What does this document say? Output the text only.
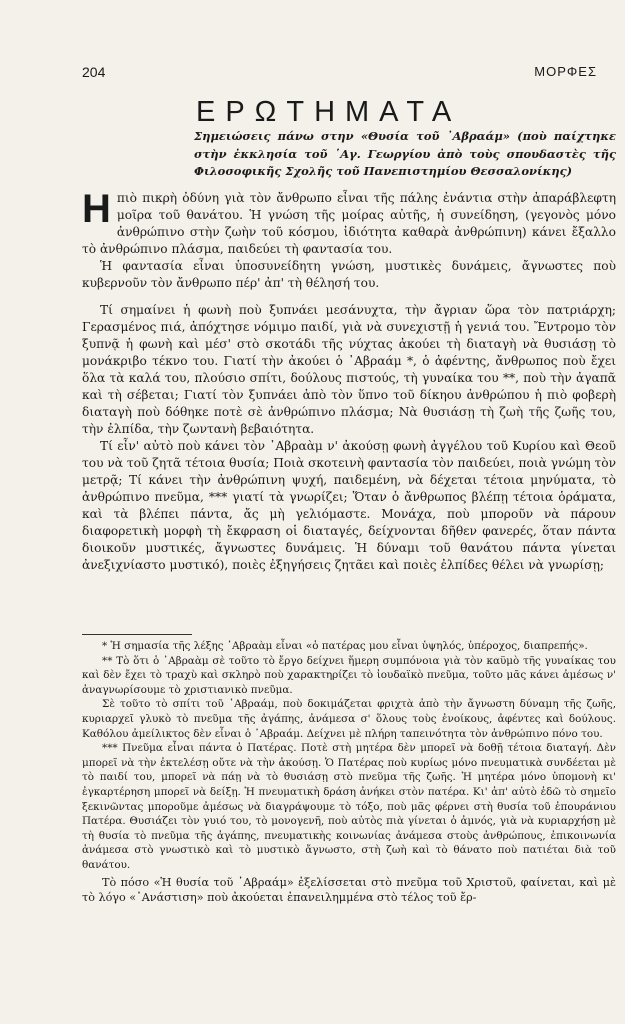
204	ΜΟΡΦΕΣ
ΕΡΩΤΗΜΑΤΑ
Σημειώσεις πάνω στην «Θυσία τοῦ ᾿Αβραάμ» (ποὺ παίχτηκε στὴν ἐκκλησία τοῦ ῾Αγ. Γεωργίου ἀπὸ τοὺς σπουδαστὲς τῆς Φιλοσοφικῆς Σχολῆς τοῦ Πανεπιστημίου Θεσσαλονίκης)

Ηπιὸ πικρὴ ὀδύνη γιὰ τὸν ἄνθρωπο εἶναι τῆς πάλης ἐνάντια στὴν ἀπαράβλεφτη μοῖρα τοῦ θανάτου. Ἡ γνώση τῆς μοίρας αὐτῆς, ἡ συνείδηση, (γεγονὸς μόνο ἀνθρώπινο στὴν ζωὴν τοῦ κόσμου, ἰδιότητα καθαρὰ ἀνθρώπινη) κάνει ἔξαλλο τὸ ἀνθρώπινο πλάσμα, παιδεύει τὴ φαντασία του.

Ἡ φαντασία εἶναι ὑποσυνείδητη γνώση, μυστικὲς δυνάμεις, ἄγνωστες ποὺ κυβερνοῦν τὸν ἄνθρωπο πέρ' ἀπ' τὴ θέλησή του.

Τί σημαίνει ἡ φωνὴ ποὺ ξυπνάει μεσάνυχτα, τὴν ἄγριαν ὥρα τὸν πατριάρχη; Γερασμένος πιά, ἀπόχτησε νόμιμο παιδί, γιὰ νὰ συνεχιστῇ ἡ γενιά του. Ἔντρομο τὸν ξυπνᾷ ἡ φωνὴ καὶ μέσ' στὸ σκοτάδι τῆς νύχτας ἀκούει τὴ διαταγὴ νὰ θυσιάσῃ τὸ μονάκριβο τέκνο του. Γιατί τὴν ἀκούει ὁ ᾿Αβραάμ *, ὁ ἀφέντης, ἄνθρωπος ποὺ ἔχει ὅλα τὰ καλά του, πλούσιο σπίτι, δούλους πιστούς, τὴ γυναίκα του **, ποὺ τὴν ἀγαπᾶ καὶ τὴ σέβεται; Γιατί τὸν ξυπνάει ἀπὸ τὸν ὕπνο τοῦ δίκηου ἀνθρώπου ἡ πιὸ φοβερὴ διαταγὴ ποὺ δόθηκε ποτὲ σὲ ἀνθρώπινο πλάσμα; Νὰ θυσιάσῃ τὴ ζωὴ τῆς ζωῆς του, τὴν ἐλπίδα, τὴν ζωντανὴ βεβαιότητα.

Τί εἶν' αὐτὸ ποὺ κάνει τὸν ᾿Αβραὰμ ν' ἀκούσῃ φωνὴ ἀγγέλου τοῦ Κυρίου καὶ Θεοῦ του νὰ τοῦ ζητᾶ τέτοια θυσία; Ποιὰ σκοτεινὴ φαντασία τὸν παιδεύει, ποιὰ γνώμη τὸν μετρᾷ; Τί κάνει τὴν ἀνθρώπινη ψυχή, παιδεμένη, νὰ δέχεται τέτοια μηνύματα, τὸ ἀνθρώπινο πνεῦμα, *** γιατί τὰ γνωρίζει; Ὅταν ὁ ἄνθρωπος βλέπῃ τέτοια ὁράματα, καὶ τὰ βλέπει πάντα, ἄς μὴ γελιόμαστε. Μονάχα, ποὺ μποροῦν νὰ πάρουν διαφορετικὴ μορφὴ τὴ ἔκφραση οἱ διαταγές, δείχνονται δῆθεν φανερές, ὅταν πάντα διοικοῦν μυστικές, ἄγνωστες δυνάμεις. Ἡ δύναμι τοῦ θανάτου πάντα γίνεται ἀνεξιχνίαστο μυστικό), ποιὲς ἐξηγήσεις ζητᾶει καὶ ποιὲς ἐλπίδες θέλει νὰ γνωρίσῃ;

* Ἡ σημασία τῆς λέξης ᾿Αβραὰμ εἶναι «ὁ πατέρας μου εἶναι ὑψηλός, ὑπέροχος, διαπρεπής».

** Τὸ ὅτι ὁ ᾿Αβραὰμ σὲ τοῦτο τὸ ἔργο δείχνει ἥμερη συμπόνοια γιὰ τὸν καϋμὸ τῆς γυναίκας του καὶ δὲν ἔχει τὸ τραχὺ καὶ σκληρὸ ποὺ χαρακτηρίζει τὸ ἰουδαϊκὸ πνεῦμα, τοῦτο μᾶς κάνει ἀμέσως ν' ἀναγνωρίσουμε τὸ χριστιανικὸ πνεῦμα.

Σὲ τοῦτο τὸ σπίτι τοῦ ᾿Αβραάμ, ποὺ δοκιμάζεται φριχτὰ ἀπὸ τὴν ἄγνωστη δύναμη τῆς ζωῆς, κυριαρχεῖ γλυκὸ τὸ πνεῦμα τῆς ἀγάπης, ἀνάμεσα σ' ὅλους τοὺς ἐνοίκους, ἀφέντες καὶ δούλους. Καθόλου ἀμείλικτος δὲν εἶναι ὁ ᾿Αβραάμ. Δείχνει μὲ πλήρη ταπεινότητα τὸν ἀνθρώπινο πόνο του.

*** Πνεῦμα εἶναι πάντα ὁ Πατέρας. Ποτὲ στὴ μητέρα δὲν μπορεῖ νὰ δοθῇ τέτοια διαταγή. Δὲν μπορεῖ νὰ τὴν ἐκτελέσῃ οὔτε νὰ τὴν ἀκούσῃ. Ὁ Πατέρας ποὺ κυρίως μόνο πνευματικὰ συνδέεται μὲ τὸ παιδί του, μπορεῖ νὰ πάῃ νὰ τὸ θυσιάσῃ στὸ πνεῦμα τῆς ζωῆς. Ἡ μητέρα μόνο ὑπομονὴ κι' ἐγκαρτέρηση μπορεῖ νὰ δείξῃ. Ἡ πνευματικὴ δράση ἀνήκει στὸν πατέρα. Κι' ἀπ' αὐτὸ ἐδῶ τὸ σημεῖο ξεκινῶντας μποροῦμε ἀμέσως νὰ διαγράψουμε τὸ τόξο, ποὺ μᾶς φέρνει στὴ θυσία τοῦ ἐπουράνιου Πατέρα. Θυσιάζει τὸν γυιό του, τὸ μονογενῆ, ποὺ αὐτὸς πιὰ γίνεται ὁ ἀμνός, γιὰ νὰ κυριαρχήσῃ μὲ τὴ θυσία τὸ πνεῦμα τῆς ἀγάπης, πνευματικὴς κοινωνίας ἀνάμεσα στοὺς ἀνθρώπους, ἐπικοινωνία ἀνάμεσα στὸ γνωστικὸ καὶ τὸ μυστικὸ ἄγνωστο, στὴ ζωὴ καὶ τὸ θάνατο ποὺ πατιέται διὰ τοῦ θανάτου.

Τὸ πόσο «Ἡ θυσία τοῦ ᾿Αβραάμ» ἐξελίσσεται στὸ πνεῦμα τοῦ Χριστοῦ, φαίνεται, καὶ μὲ τὸ λόγο «᾿Ανάστιση» ποὺ ἀκούεται ἐπανειλημμένα στὸ τέλος τοῦ ἔρ-
